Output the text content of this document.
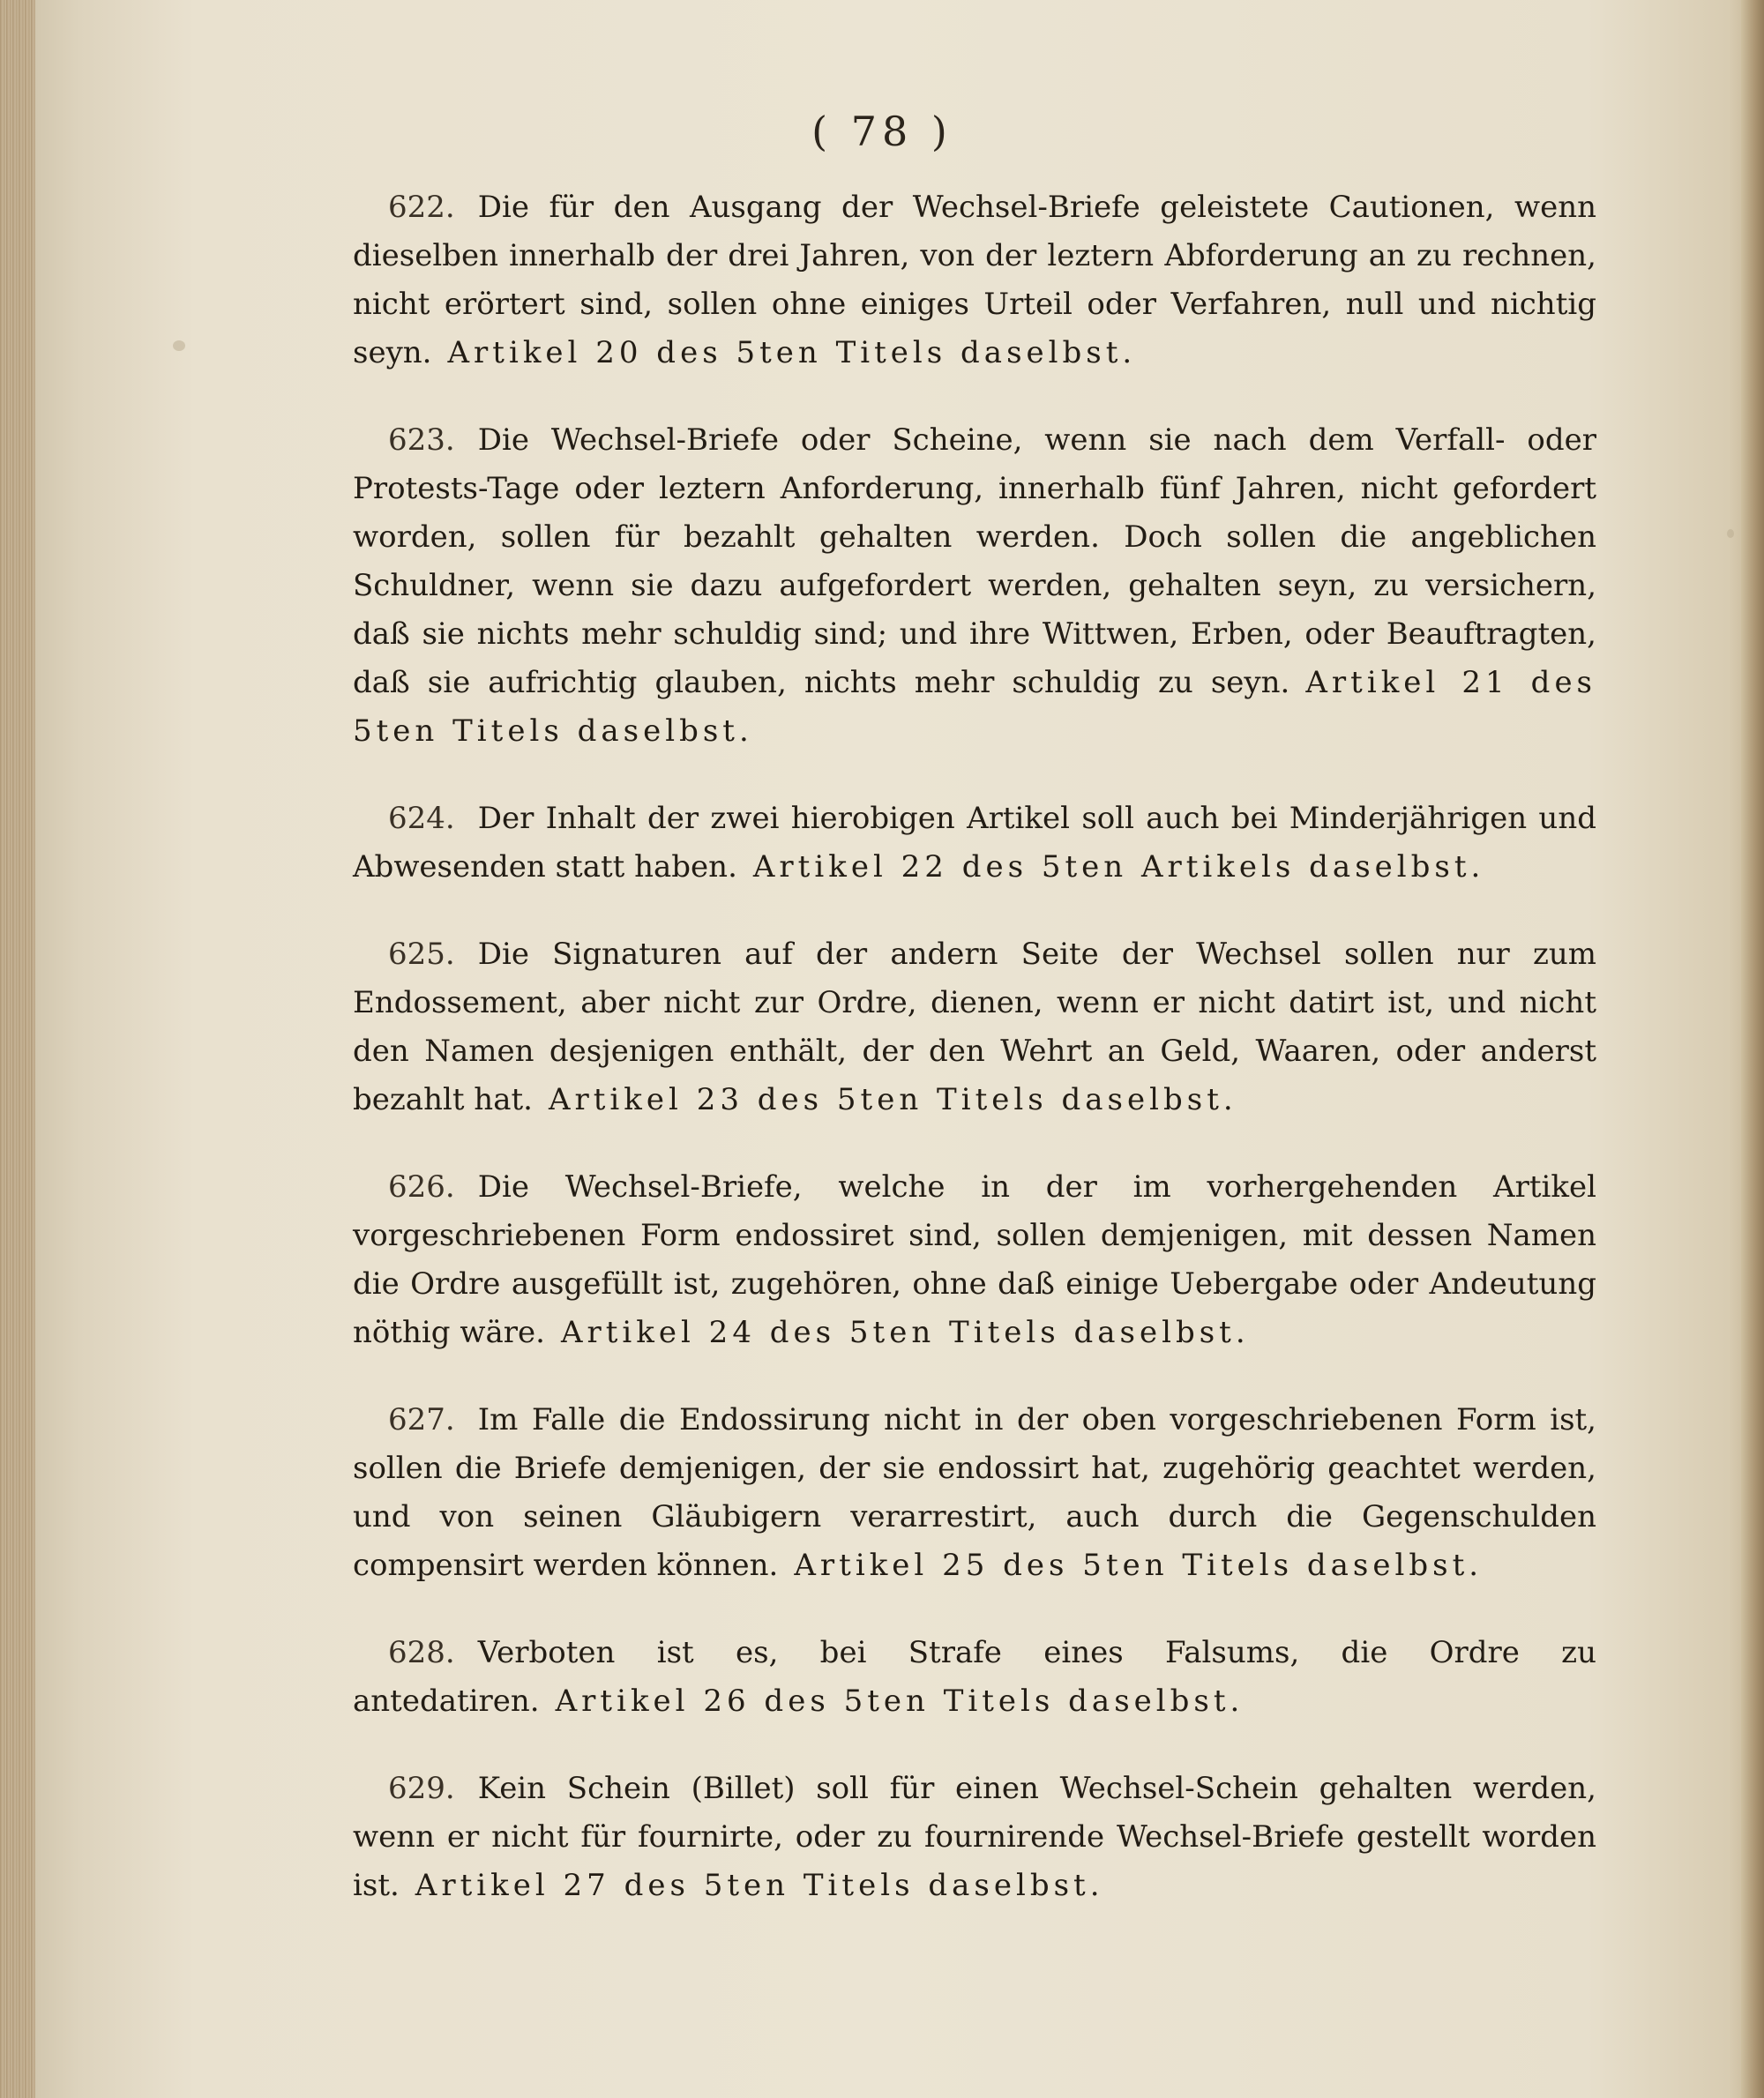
( 78 )

622. Die für den Ausgang der Wechsel-Briefe geleistete Cautionen, wenn dieselben innerhalb der drei Jahren, von der leztern Abforderung an zu rechnen, nicht erörtert sind, sollen ohne einiges Urteil oder Verfahren, null und nichtig seyn. Artikel 20 des 5ten Titels daselbst.

623. Die Wechsel-Briefe oder Scheine, wenn sie nach dem Verfall- oder Protests-Tage oder leztern Anforderung, innerhalb fünf Jahren, nicht gefordert worden, sollen für bezahlt gehalten werden. Doch sollen die angeblichen Schuldner, wenn sie dazu aufgefordert werden, gehalten seyn, zu versichern, daß sie nichts mehr schuldig sind; und ihre Wittwen, Erben, oder Beauftragten, daß sie aufrichtig glauben, nichts mehr schuldig zu seyn. Artikel 21 des 5ten Titels daselbst.

624. Der Inhalt der zwei hierobigen Artikel soll auch bei Minderjährigen und Abwesenden statt haben. Artikel 22 des 5ten Artikels daselbst.

625. Die Signaturen auf der andern Seite der Wechsel sollen nur zum Endossement, aber nicht zur Ordre, dienen, wenn er nicht datirt ist, und nicht den Namen desjenigen enthält, der den Wehrt an Geld, Waaren, oder anderst bezahlt hat. Artikel 23 des 5ten Titels daselbst.

626. Die Wechsel-Briefe, welche in der im vorhergehenden Artikel vorgeschriebenen Form endossiret sind, sollen demjenigen, mit dessen Namen die Ordre ausgefüllt ist, zugehören, ohne daß einige Uebergabe oder Andeutung nöthig wäre. Artikel 24 des 5ten Titels daselbst.

627. Im Falle die Endossirung nicht in der oben vorgeschriebenen Form ist, sollen die Briefe demjenigen, der sie endossirt hat, zugehörig geachtet werden, und von seinen Gläubigern verarrestirt, auch durch die Gegenschulden compensirt werden können. Artikel 25 des 5ten Titels daselbst.

628. Verboten ist es, bei Strafe eines Falsums, die Ordre zu antedatiren. Artikel 26 des 5ten Titels daselbst.

629. Kein Schein (Billet) soll für einen Wechsel-Schein gehalten werden, wenn er nicht für fournirte, oder zu fournirende Wechsel-Briefe gestellt worden ist. Artikel 27 des 5ten Titels daselbst.
